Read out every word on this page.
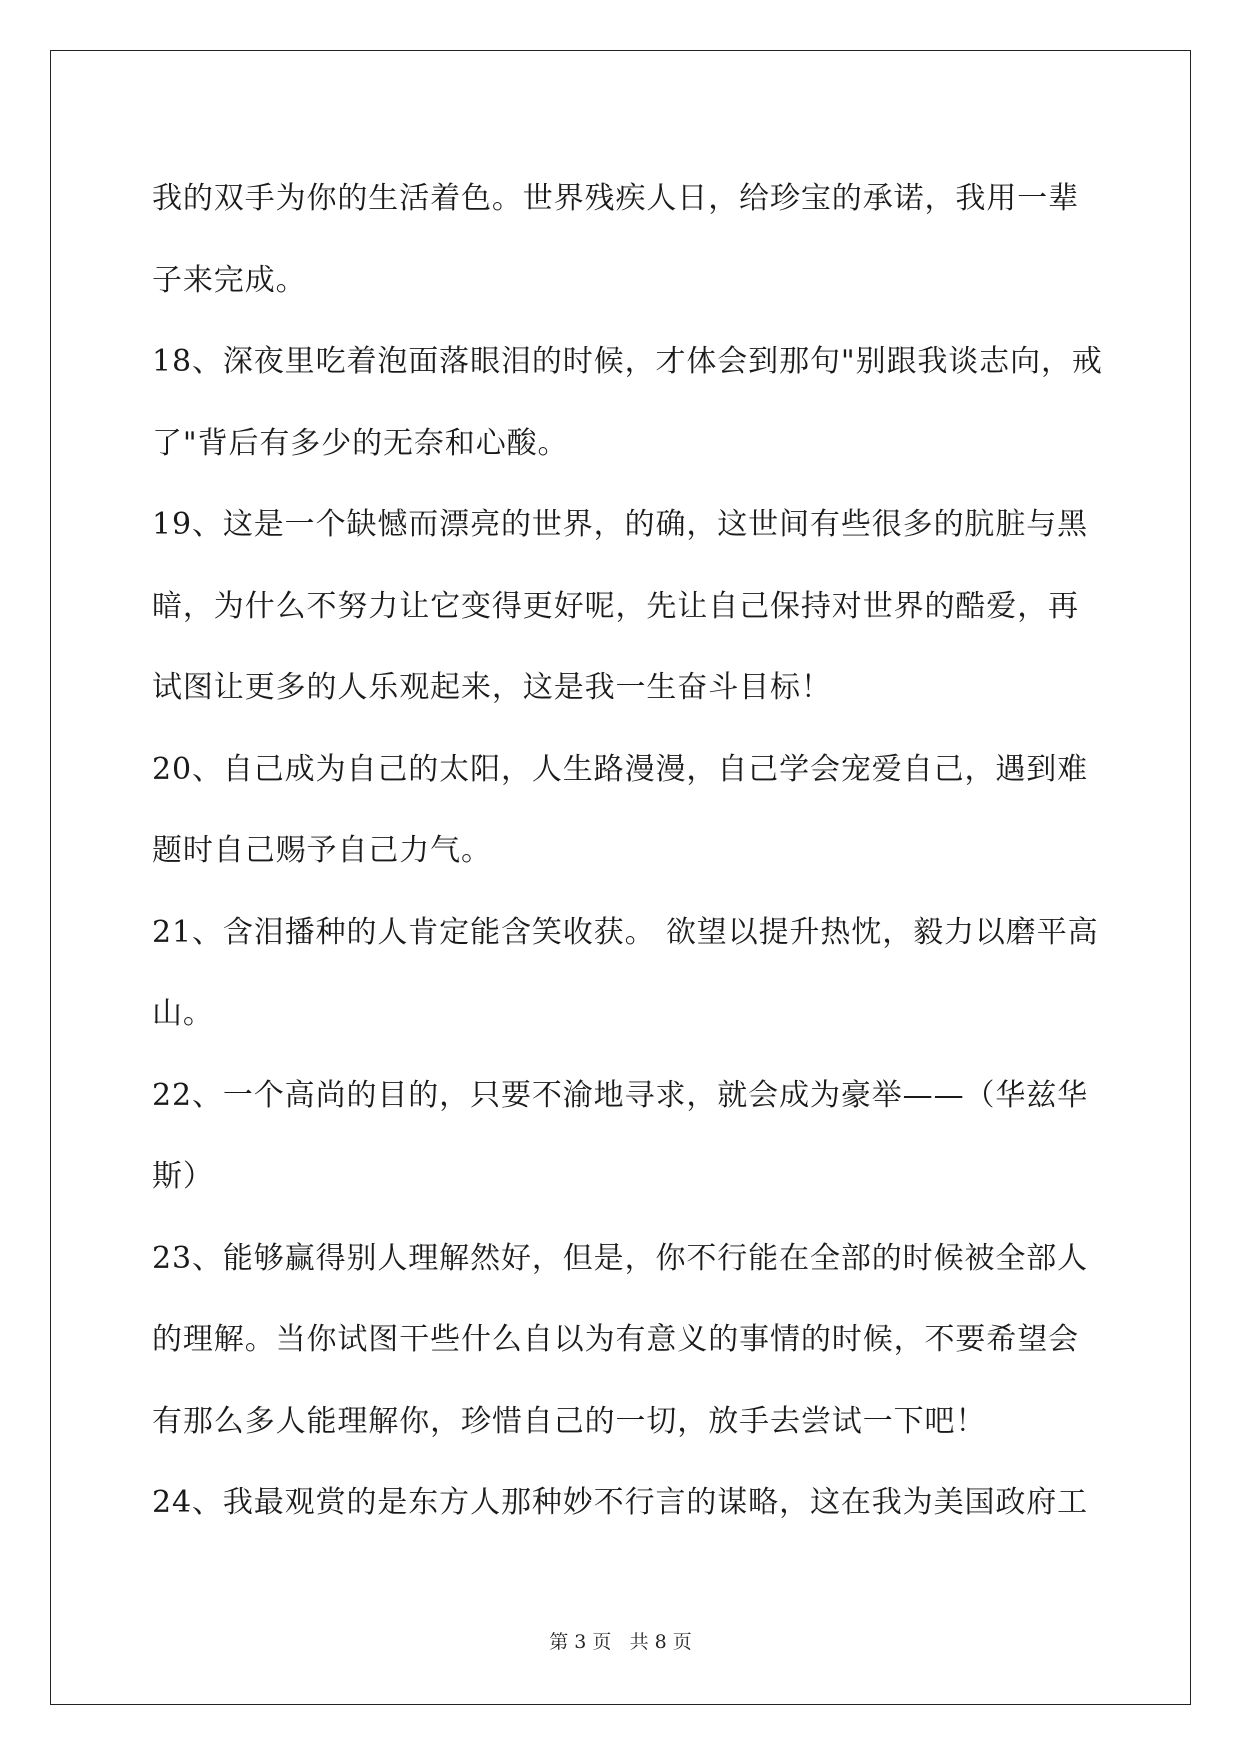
我的双手为你的生活着色。世界残疾人日，给珍宝的承诺，我用一辈
子来完成。
18、深夜里吃着泡面落眼泪的时候，才体会到那句"别跟我谈志向，戒
了"背后有多少的无奈和心酸。
19、这是一个缺憾而漂亮的世界，的确，这世间有些很多的肮脏与黑
暗，为什么不努力让它变得更好呢，先让自己保持对世界的酷爱，再
试图让更多的人乐观起来，这是我一生奋斗目标！
20、自己成为自己的太阳，人生路漫漫，自己学会宠爱自己，遇到难
题时自己赐予自己力气。
21、含泪播种的人肯定能含笑收获。 欲望以提升热忱，毅力以磨平高
山。
22、一个高尚的目的，只要不渝地寻求，就会成为豪举——（华兹华
斯）
23、能够赢得别人理解然好，但是，你不行能在全部的时候被全部人
的理解。当你试图干些什么自以为有意义的事情的时候，不要希望会
有那么多人能理解你，珍惜自己的一切，放手去尝试一下吧！
24、我最观赏的是东方人那种妙不行言的谋略，这在我为美国政府工
第 3 页 共 8 页
